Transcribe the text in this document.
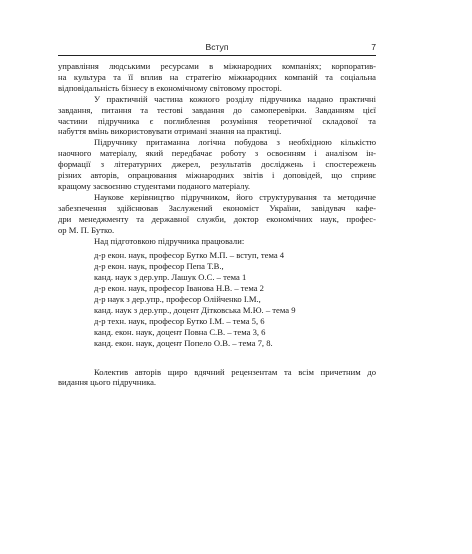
Вступ	7

управління людськими ресурсами в міжнародних компаніях; корпоратив-
на культура та її вплив на стратегію міжнародних компаній та соціальна
відповідальність бізнесу в економічному світовому просторі.

У практичній частина кожного розділу підручника надано практичні
завдання, питання та тестові завдання до самоперевірки. Завданням цієї
частини підручника є поглиблення розуміння теоретичної складової та
набуття вмінь використовувати отримані знання на практиці.

Підручнику притаманна логічна побудова з необхідною кількістю
наочного матеріалу, який передбачає роботу з освоєнням і аналізом ін-
формації з літературних джерел, результатів досліджень і спостережень
різних авторів, опрацювання міжнародних звітів і доповідей, що сприяє
кращому засвоєнню студентами поданого матеріалу.

Наукове керівництво підручником, його структурування та методичне
забезпечення здійснював Заслужений економіст України, завідувач кафе-
дри менеджменту та державної служби, доктор економічних наук, профес-
ор М. П. Бутко.

Над підготовкою підручника працювали:

д-р екон. наук, професор Бутко М.П. – вступ, тема 4
д-р екон. наук, професор Пепа Т.В.,
канд. наук з дер.упр. Лашук О.С. – тема 1
д-р екон. наук, професор Іванова Н.В. – тема 2
д-р наук з дер.упр., професор Олійченко І.М.,
канд. наук з дер.упр., доцент Дітковська М.Ю. – тема 9
д-р техн. наук, професор Бутко І.М. – тема 5, 6
канд. екон. наук, доцент Повна С.В. – тема 3, 6
канд. екон. наук, доцент Попело О.В. – тема 7, 8.

Колектив авторів щиро вдячний рецензентам та всім причетним до
видання цього підручника.
